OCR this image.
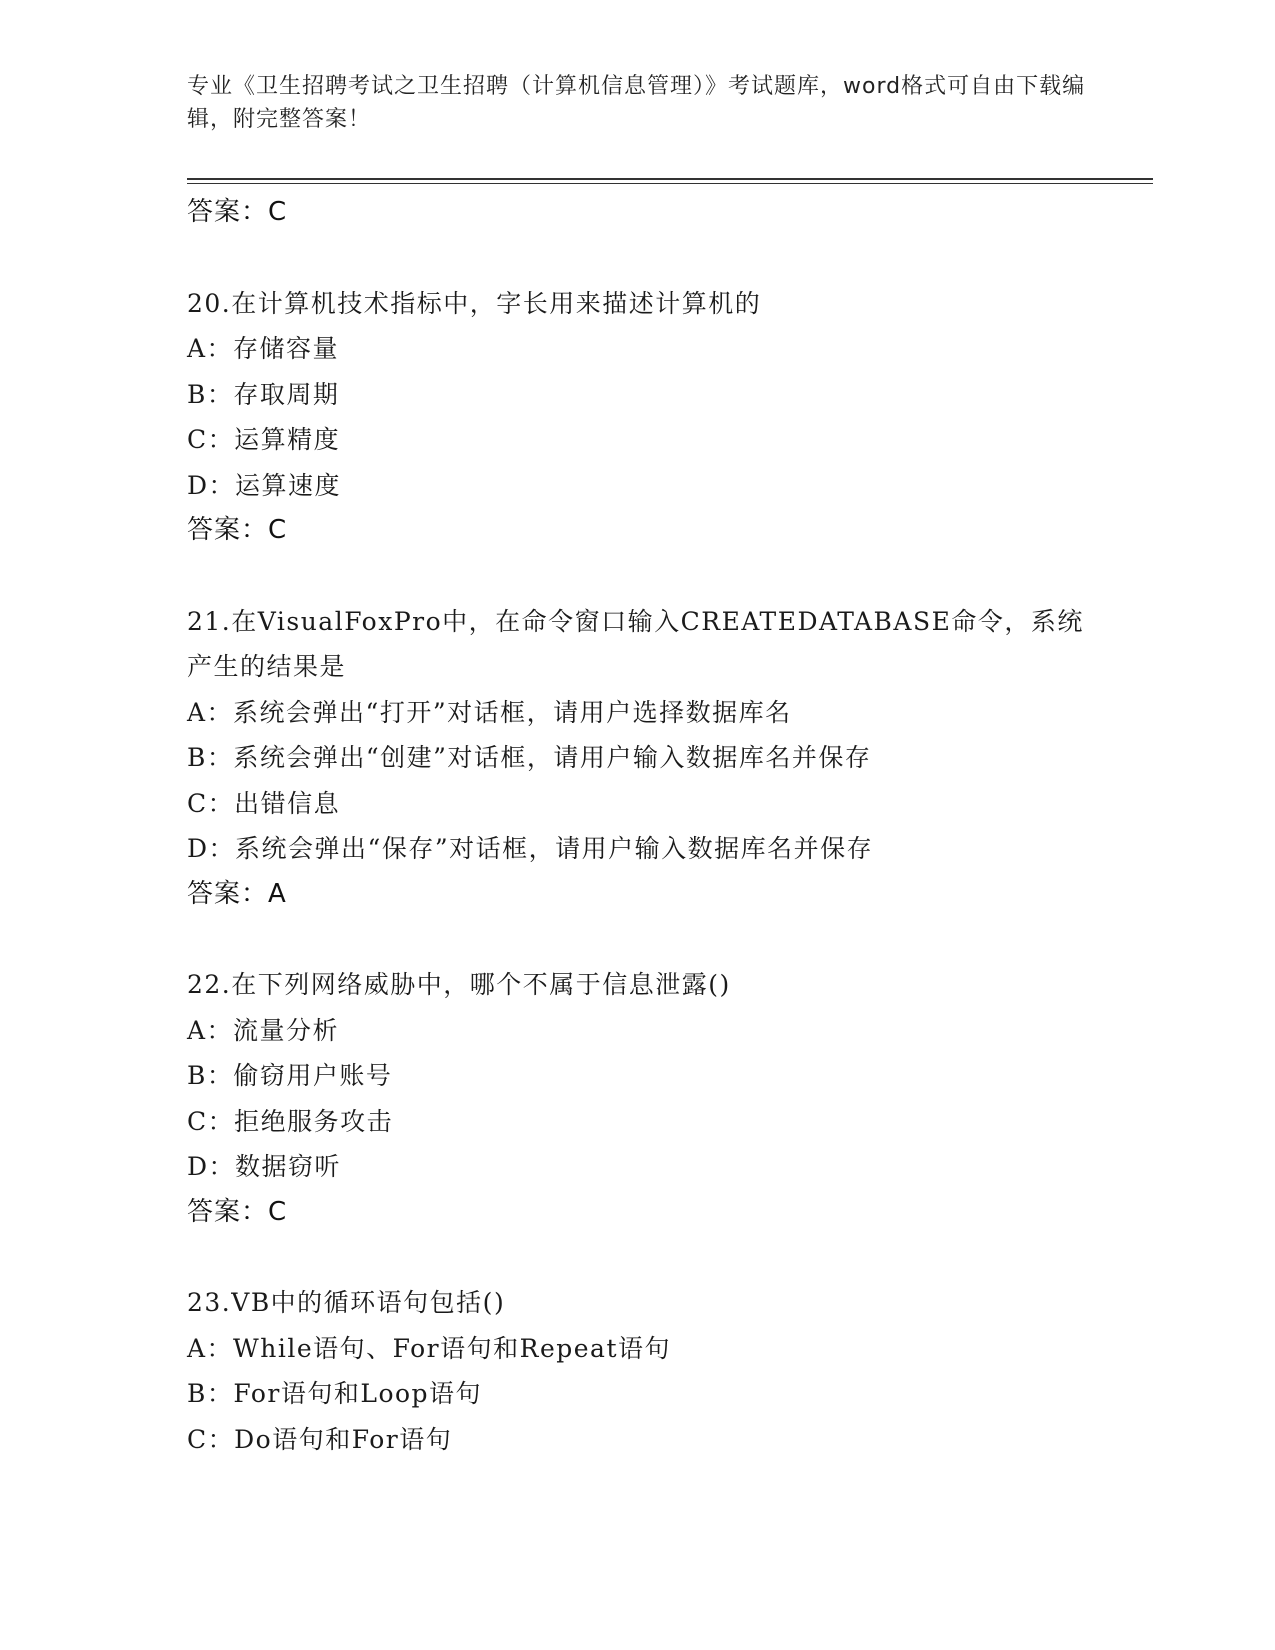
专业《卫生招聘考试之卫生招聘（计算机信息管理）》考试题库，word格式可自由下载编辑，附完整答案！
答案：C
20.在计算机技术指标中，字长用来描述计算机的
A：存储容量
B：存取周期
C：运算精度
D：运算速度
答案：C
21.在VisualFoxPro中，在命令窗口输入CREATEDATABASE命令，系统产生的结果是
A：系统会弹出“打开”对话框，请用户选择数据库名
B：系统会弹出“创建”对话框，请用户输入数据库名并保存
C：出错信息
D：系统会弹出“保存”对话框，请用户输入数据库名并保存
答案：A
22.在下列网络威胁中，哪个不属于信息泄露()
A：流量分析
B：偷窃用户账号
C：拒绝服务攻击
D：数据窃听
答案：C
23.VB中的循环语句包括()
A：While语句、For语句和Repeat语句
B：For语句和Loop语句
C：Do语句和For语句
